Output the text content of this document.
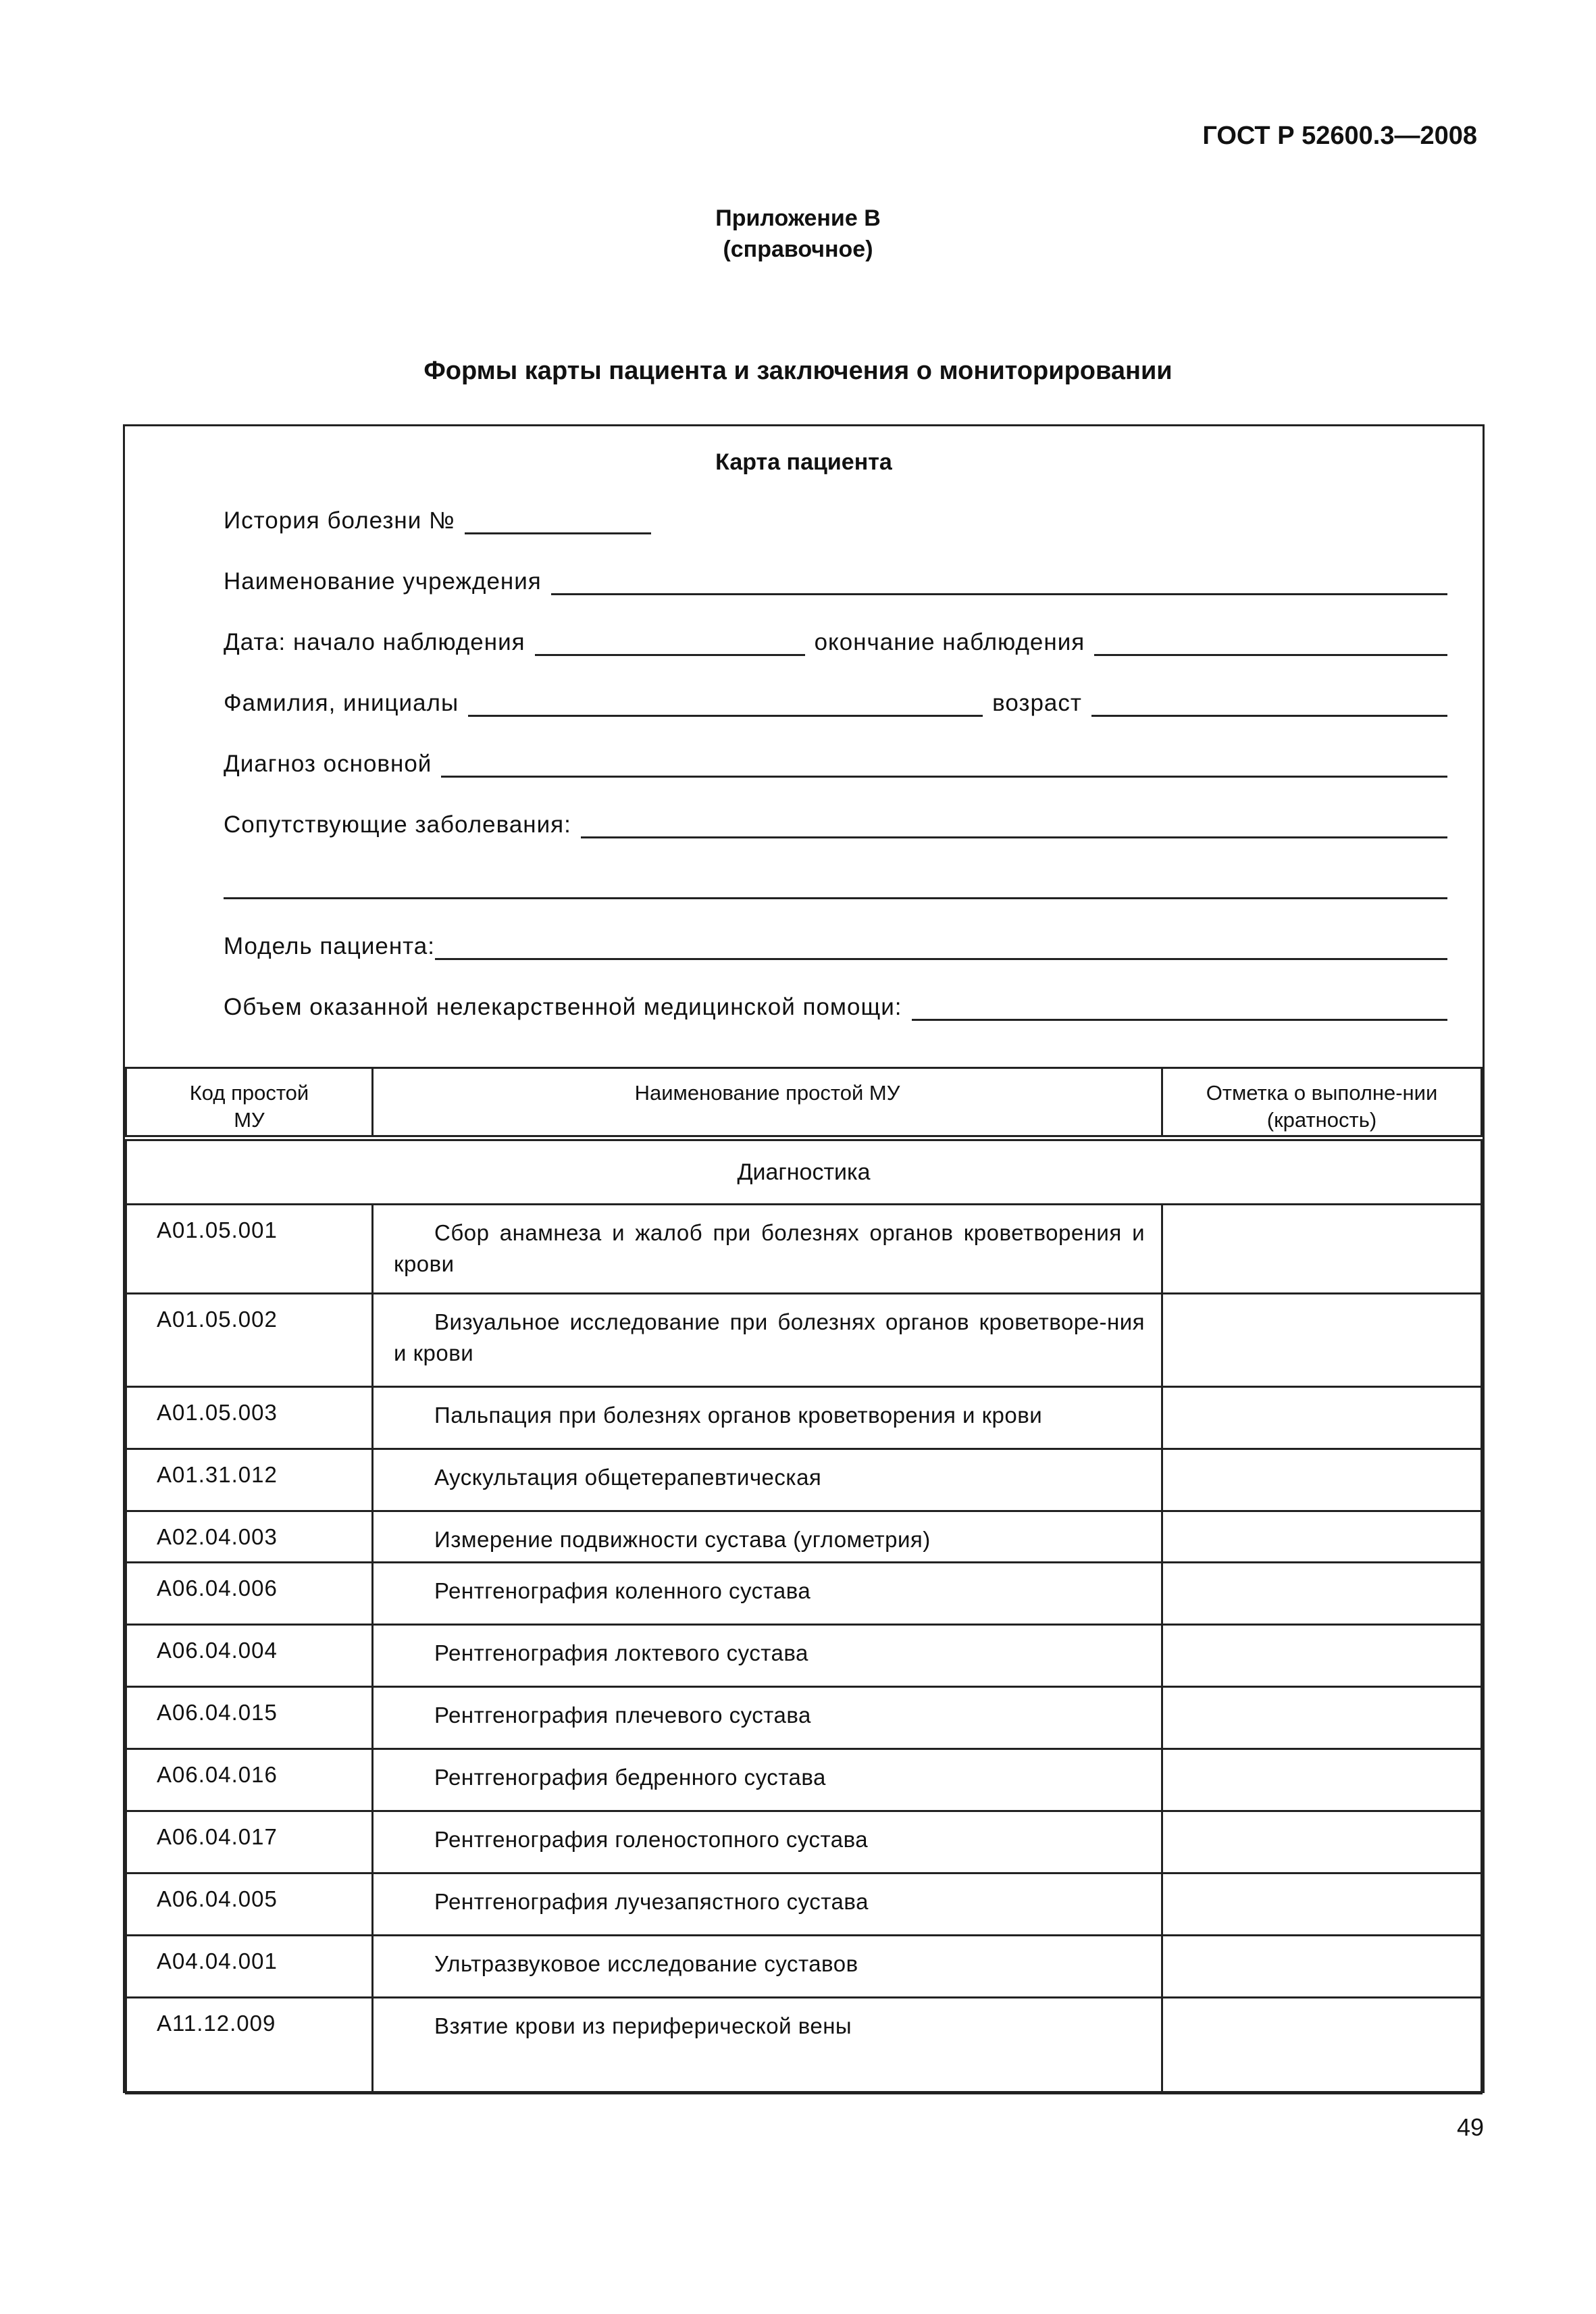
ГОСТ Р 52600.3—2008
Приложение В
(справочное)
Формы карты пациента и заключения о мониторировании
Карта пациента
История болезни №
Наименование учреждения
Дата: начало наблюдения	окончание наблюдения
Фамилия, инициалы	возраст
Диагноз основной
Сопутствующие заболевания:
Модель пациента:
Объем оказанной нелекарственной медицинской помощи:
Код простой МУ	Наименование простой МУ	Отметка о выполне-нии (кратность)

Диагностика		
А01.05.001	Сбор анамнеза и жалоб при болезнях органов кроветворения и крови	
А01.05.002	Визуальное исследование при болезнях органов кроветворе-ния и крови	
А01.05.003	Пальпация при болезнях органов кроветворения и крови	
А01.31.012	Аускультация общетерапевтическая	
А02.04.003	Измерение подвижности сустава (углометрия)	
А06.04.006	Рентгенография коленного сустава	
А06.04.004	Рентгенография локтевого сустава	
А06.04.015	Рентгенография плечевого сустава	
А06.04.016	Рентгенография бедренного сустава	
А06.04.017	Рентгенография голеностопного сустава	
А06.04.005	Рентгенография лучезапястного сустава	
А04.04.001	Ультразвуковое исследование суставов	
А11.12.009	Взятие крови из периферической вены	
49
